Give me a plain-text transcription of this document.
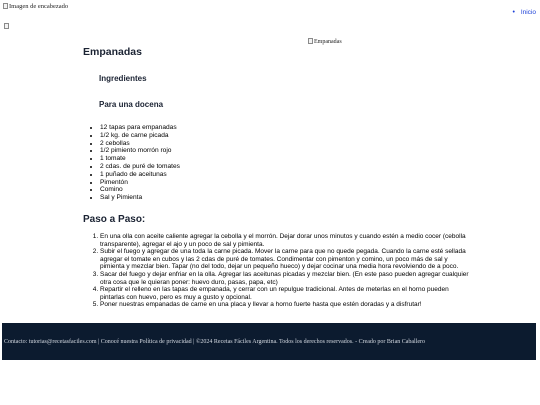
Imagen de encabezado
• Inicio
Empanadas
Empanadas
Ingredientes
Para una docena
• 12 tapas para empanadas
• 1/2 kg. de carne picada
• 2 cebollas
• 1/2 pimiento morrón rojo
• 1 tomate
• 2 cdas. de puré de tomates
• 1 puñado de aceitunas
• Pimentón
• Comino
• Sal y Pimienta
Paso a Paso:
1. En una olla con aceite caliente agregar la cebolla y el morrón. Dejar dorar unos minutos y cuando estén a medio cocer (cebolla transparente), agregar el ajo y un poco de sal y pimienta.
2. Subir el fuego y agregar de una toda la carne picada. Mover la carne para que no quede pegada. Cuando la carne esté sellada agregar el tomate en cubos y las 2 cdas de puré de tomates. Condimentar con pimenton y comino, un poco más de sal y pimienta y mezclar bien. Tapar (no del todo, dejar un pequeño hueco) y dejar cocinar una media hora revolviendo de a poco.
3. Sacar del fuego y dejar enfriar en la olla. Agregar las aceitunas picadas y mezclar bien. (En este paso pueden agregar cualquier otra cosa que le quieran poner: huevo duro, pasas, papa, etc)
4. Repartir el relleno en las tapas de empanada, y cerrar con un repulgue tradicional. Antes de meterlas en el horno pueden pintarlas con huevo, pero es muy a gusto y opcional.
5. Poner nuestras empanadas de carne en una placa y llevar a horno fuerte hasta que estén doradas y a disfrutar!
Contacto: tutorias@recetasfaciles.com | Conocé nuestra Política de privacidad | ©2024 Recetas Fáciles Argentina. Todos los derechos reservados. - Creado por Brian Caballero
